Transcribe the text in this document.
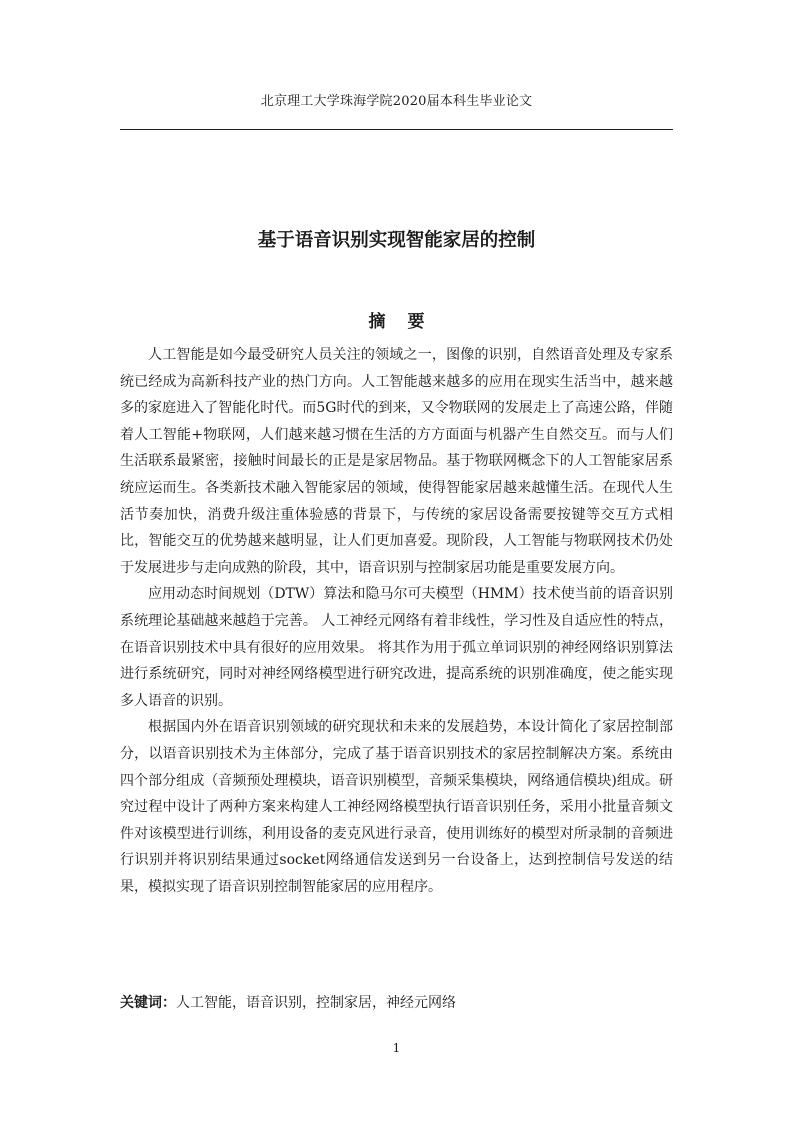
北京理工大学珠海学院2020届本科生毕业论文
基于语音识别实现智能家居的控制
摘要

人工智能是如今最受研究人员关注的领域之一，图像的识别，自然语音处理及专家系统已经成为高新科技产业的热门方向。人工智能越来越多的应用在现实生活当中，越来越多的家庭进入了智能化时代。而5G时代的到来，又令物联网的发展走上了高速公路，伴随着人工智能+物联网，人们越来越习惯在生活的方方面面与机器产生自然交互。而与人们生活联系最紧密，接触时间最长的正是是家居物品。基于物联网概念下的人工智能家居系统应运而生。各类新技术融入智能家居的领域，使得智能家居越来越懂生活。在现代人生活节奏加快，消费升级注重体验感的背景下，与传统的家居设备需要按键等交互方式相比，智能交互的优势越来越明显，让人们更加喜爱。现阶段，人工智能与物联网技术仍处于发展进步与走向成熟的阶段，其中，语音识别与控制家居功能是重要发展方向。

应用动态时间规划（DTW）算法和隐马尔可夫模型（HMM）技术使当前的语音识别系统理论基础越来越趋于完善。 人工神经元网络有着非线性，学习性及自适应性的特点，在语音识别技术中具有很好的应用效果。 将其作为用于孤立单词识别的神经网络识别算法进行系统研究，同时对神经网络模型进行研究改进，提高系统的识别准确度，使之能实现多人语音的识别。

根据国内外在语音识别领域的研究现状和未来的发展趋势，本设计简化了家居控制部分，以语音识别技术为主体部分，完成了基于语音识别技术的家居控制解决方案。系统由四个部分组成（音频预处理模块，语音识别模型，音频采集模块，网络通信模块)组成。研究过程中设计了两种方案来构建人工神经网络模型执行语音识别任务，采用小批量音频文件对该模型进行训练，利用设备的麦克风进行录音，使用训练好的模型对所录制的音频进行识别并将识别结果通过socket网络通信发送到另一台设备上，达到控制信号发送的结果，模拟实现了语音识别控制智能家居的应用程序。

关键词：人工智能，语音识别，控制家居，神经元网络
1
